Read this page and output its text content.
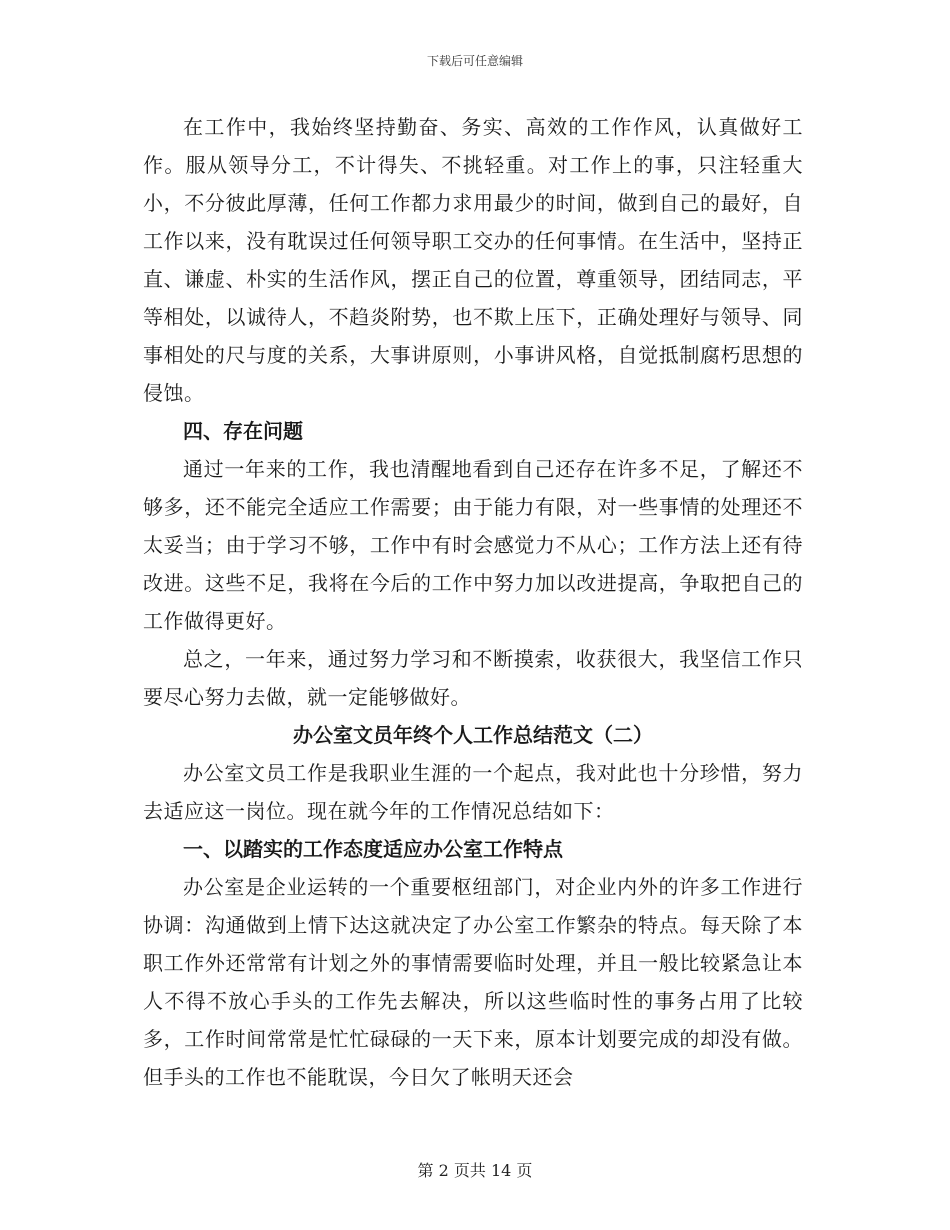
下载后可任意编辑

在工作中，我始终坚持勤奋、务实、高效的工作作风，认真做好工作。服从领导分工，不计得失、不挑轻重。对工作上的事，只注轻重大小，不分彼此厚薄，任何工作都力求用最少的时间，做到自己的最好，自工作以来，没有耽误过任何领导职工交办的任何事情。在生活中，坚持正直、谦虚、朴实的生活作风，摆正自己的位置，尊重领导，团结同志，平等相处，以诚待人，不趋炎附势，也不欺上压下，正确处理好与领导、同事相处的尺与度的关系，大事讲原则，小事讲风格，自觉抵制腐朽思想的侵蚀。

四、存在问题

通过一年来的工作，我也清醒地看到自己还存在许多不足，了解还不够多，还不能完全适应工作需要；由于能力有限，对一些事情的处理还不太妥当；由于学习不够，工作中有时会感觉力不从心；工作方法上还有待改进。这些不足，我将在今后的工作中努力加以改进提高，争取把自己的工作做得更好。

总之，一年来，通过努力学习和不断摸索，收获很大，我坚信工作只要尽心努力去做，就一定能够做好。

办公室文员年终个人工作总结范文（二）

办公室文员工作是我职业生涯的一个起点，我对此也十分珍惜，努力去适应这一岗位。现在就今年的工作情况总结如下：

一、以踏实的工作态度适应办公室工作特点

办公室是企业运转的一个重要枢纽部门，对企业内外的许多工作进行协调：沟通做到上情下达这就决定了办公室工作繁杂的特点。每天除了本职工作外还常常有计划之外的事情需要临时处理，并且一般比较紧急让本人不得不放心手头的工作先去解决，所以这些临时性的事务占用了比较多，工作时间常常是忙忙碌碌的一天下来，原本计划要完成的却没有做。但手头的工作也不能耽误，今日欠了帐明天还会

第 2 页共 14 页
